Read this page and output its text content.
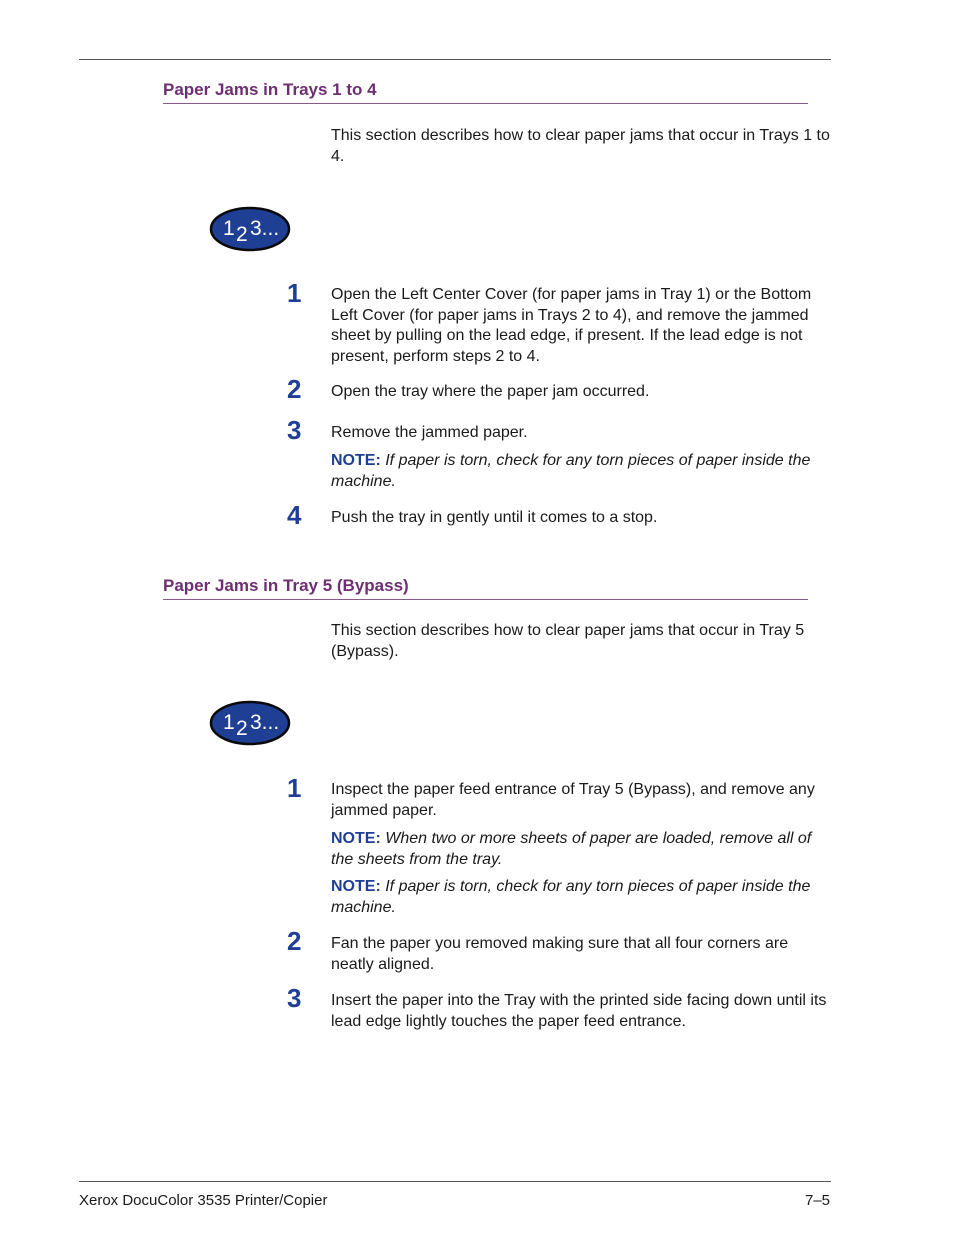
Paper Jams in Trays 1 to 4
This section describes how to clear paper jams that occur in Trays 1 to 4.
1 2 3...
1 Open the Left Center Cover (for paper jams in Tray 1) or the Bottom Left Cover (for paper jams in Trays 2 to 4), and remove the jammed sheet by pulling on the lead edge, if present. If the lead edge is not present, perform steps 2 to 4.
2 Open the tray where the paper jam occurred.
3 Remove the jammed paper.
NOTE: If paper is torn, check for any torn pieces of paper inside the machine.
4 Push the tray in gently until it comes to a stop.
Paper Jams in Tray 5 (Bypass)
This section describes how to clear paper jams that occur in Tray 5 (Bypass).
1 2 3...
1 Inspect the paper feed entrance of Tray 5 (Bypass), and remove any jammed paper.
NOTE: When two or more sheets of paper are loaded, remove all of the sheets from the tray.
NOTE: If paper is torn, check for any torn pieces of paper inside the machine.
2 Fan the paper you removed making sure that all four corners are neatly aligned.
3 Insert the paper into the Tray with the printed side facing down until its lead edge lightly touches the paper feed entrance.
Xerox DocuColor 3535 Printer/Copier	7–5
